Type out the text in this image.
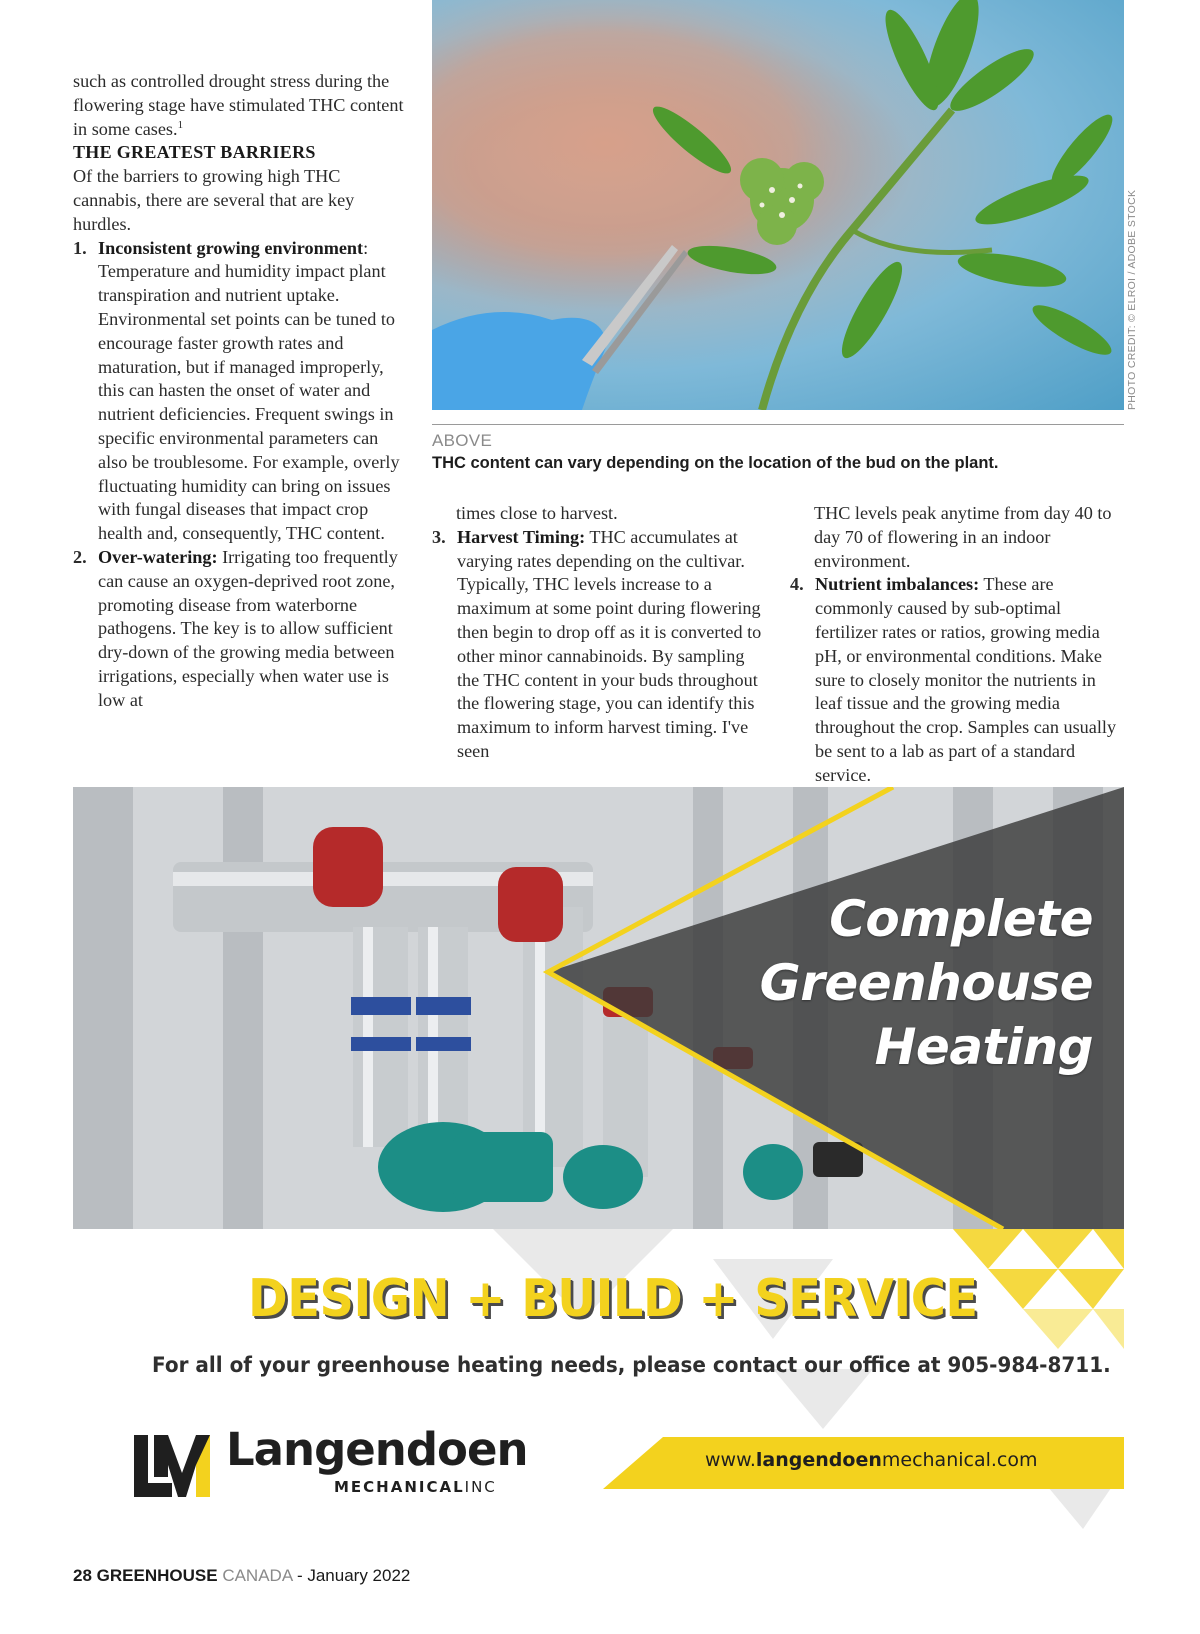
such as controlled drought stress during the flowering stage have stimulated THC content in some cases.$^1$

THE GREATEST BARRIERS

Of the barriers to growing high THC cannabis, there are several that are key hurdles.

1. Inconsistent growing environment: Temperature and humidity impact plant transpiration and nutrient uptake. Environmental set points can be tuned to encourage faster growth rates and maturation, but if managed improperly, this can hasten the onset of water and nutrient deficiencies. Frequent swings in specific environmental parameters can also be troublesome. For example, overly fluctuating humidity can bring on issues with fungal diseases that impact crop health and, consequently, THC content.
2. Over-watering: Irrigating too frequently can cause an oxygen-deprived root zone, promoting disease from waterborne pathogens. The key is to allow sufficient dry-down of the growing media between irrigations, especially when water use is low at
PHOTO CREDIT: © ELROI / ADOBE STOCK
ABOVE
THC content can vary depending on the location of the bud on the plant.

times close to harvest.

3. Harvest Timing: THC accumulates at varying rates depending on the cultivar. Typically, THC levels increase to a maximum at some point during flowering then begin to drop off as it is converted to other minor cannabinoids. By sampling the THC content in your buds throughout the flowering stage, you can identify this maximum to inform harvest timing. I've seen

THC levels peak anytime from day 40 to day 70 of flowering in an indoor environment.

4. Nutrient imbalances: These are commonly caused by sub-optimal fertilizer rates or ratios, growing media pH, or environmental conditions. Make sure to closely monitor the nutrients in leaf tissue and the growing media throughout the crop. Samples can usually be sent to a lab as part of a standard service.
Complete
Greenhouse
Heating
DESIGN + BUILD + SERVICE
For all of your greenhouse heating needs, please contact our office at 905-984-8711.
Langendoen
MECHANICALINC
www.langendoenmechanical.com
28 GREENHOUSE CANADA - January 2022
